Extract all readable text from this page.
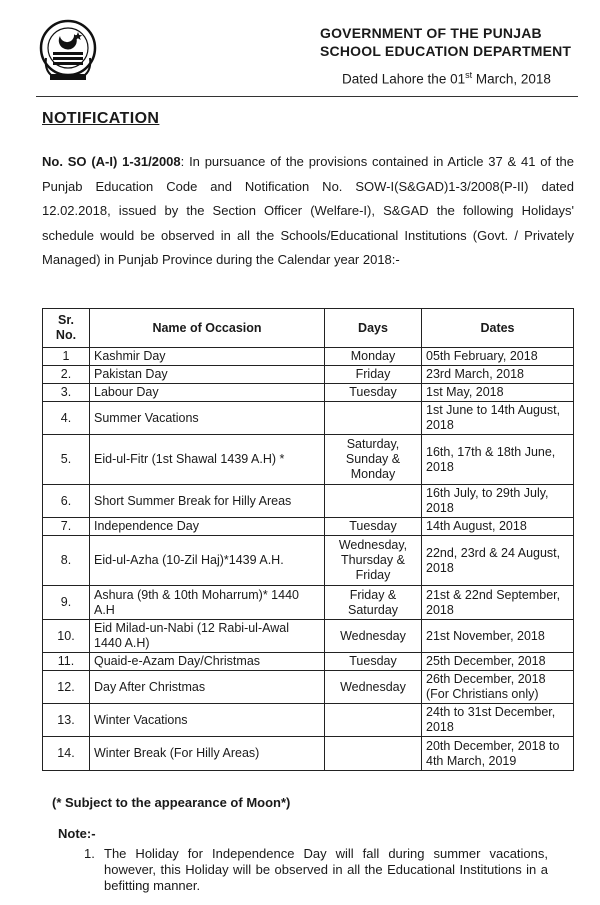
GOVERNMENT OF THE PUNJAB
SCHOOL EDUCATION DEPARTMENT
Dated Lahore the 01st March, 2018
NOTIFICATION
No. SO (A-I) 1-31/2008: In pursuance of the provisions contained in Article 37 & 41 of the Punjab Education Code and Notification No. SOW-I(S&GAD)1-3/2008(P-II) dated 12.02.2018, issued by the Section Officer (Welfare-I), S&GAD the following Holidays' schedule would be observed in all the Schools/Educational Institutions (Govt. / Privately Managed) in Punjab Province during the Calendar year 2018:-
Sr. No.	Name of Occasion	Days	Dates
1	Kashmir Day	Monday	05th February, 2018
2.	Pakistan Day	Friday	23rd March, 2018
3.	Labour Day	Tuesday	1st May, 2018
4.	Summer Vacations		1st June to 14th August, 2018
5.	Eid-ul-Fitr (1st Shawal 1439 A.H) *	Saturday, Sunday & Monday	16th, 17th & 18th June, 2018
6.	Short Summer Break for Hilly Areas		16th July, to 29th July, 2018
7.	Independence Day	Tuesday	14th August, 2018
8.	Eid-ul-Azha (10-Zil Haj)*1439 A.H.	Wednesday, Thursday & Friday	22nd, 23rd & 24 August, 2018
9.	Ashura (9th & 10th Moharrum)* 1440 A.H	Friday & Saturday	21st & 22nd September, 2018
10.	Eid Milad-un-Nabi (12 Rabi-ul-Awal 1440 A.H)	Wednesday	21st November, 2018
11.	Quaid-e-Azam Day/Christmas	Tuesday	25th December, 2018
12.	Day After Christmas	Wednesday	26th December, 2018 (For Christians only)
13.	Winter Vacations		24th to 31st December, 2018
14.	Winter Break (For Hilly Areas)		20th December, 2018 to 4th March, 2019
(* Subject to the appearance of Moon*)
Note:-
1. The Holiday for Independence Day will fall during summer vacations, however, this Holiday will be observed in all the Educational Institutions in a befitting manner.
